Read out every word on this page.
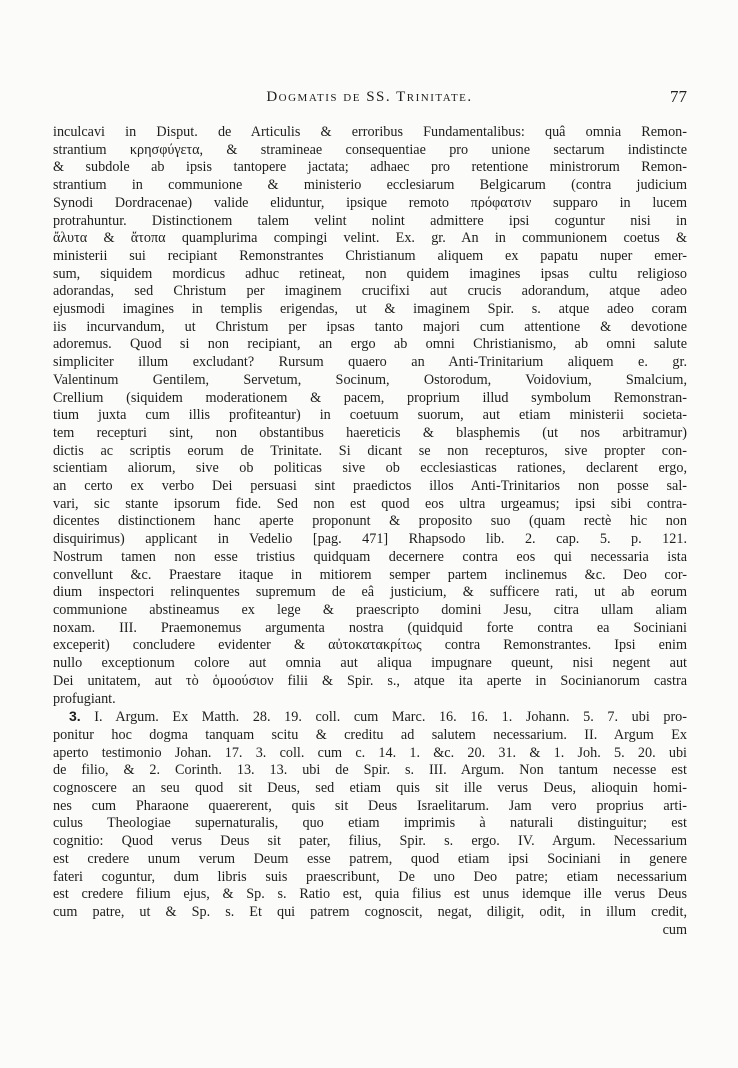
Dogmatis de SS. Trinitate.	77
inculcavi in Disput. de Articulis & erroribus Fundamentalibus: quâ omnia Remon-
strantium κρησφύγετα, & stramineae consequentiae pro unione sectarum indistincte
& subdole ab ipsis tantopere jactata; adhaec pro retentione ministrorum Remon-
strantium in communione & ministerio ecclesiarum Belgicarum (contra judicium
Synodi Dordracenae) valide eliduntur, ipsique remoto πρόφατσιν supparo in lucem
protrahuntur. Distinctionem talem velint nolint admittere ipsi coguntur nisi in
ἄλυτα & ἄτοπα quamplurima compingi velint. Ex. gr. An in communionem coetus &
ministerii sui recipiant Remonstrantes Christianum aliquem ex papatu nuper emer-
sum, siquidem mordicus adhuc retineat, non quidem imagines ipsas cultu religioso
adorandas, sed Christum per imaginem crucifixi aut crucis adorandum, atque adeo
ejusmodi imagines in templis erigendas, ut & imaginem Spir. s. atque adeo coram
iis incurvandum, ut Christum per ipsas tanto majori cum attentione & devotione
adoremus. Quod si non recipiant, an ergo ab omni Christianismo, ab omni salute
simpliciter illum excludant? Rursum quaero an Anti-Trinitarium aliquem e. gr.
Valentinum Gentilem, Servetum, Socinum, Ostorodum, Voidovium, Smalcium,
Crellium (siquidem moderationem & pacem, proprium illud symbolum Remonstran-
tium juxta cum illis profiteantur) in coetuum suorum, aut etiam ministerii societa-
tem recepturi sint, non obstantibus haereticis & blasphemis (ut nos arbitramur)
dictis ac scriptis eorum de Trinitate. Si dicant se non recepturos, sive propter con-
scientiam aliorum, sive ob politicas sive ob ecclesiasticas rationes, declarent ergo,
an certo ex verbo Dei persuasi sint praedictos illos Anti-Trinitarios non posse sal-
vari, sic stante ipsorum fide. Sed non est quod eos ultra urgeamus; ipsi sibi contra-
dicentes distinctionem hanc aperte proponunt & proposito suo (quam rectè hic non
disquirimus) applicant in Vedelio [pag. 471] Rhapsodo lib. 2. cap. 5. p. 121.
Nostrum tamen non esse tristius quidquam decernere contra eos qui necessaria ista
convellunt &c. Praestare itaque in mitiorem semper partem inclinemus &c. Deo cor-
dium inspectori relinquentes supremum de eâ justicium, & sufficere rati, ut ab eorum
communione abstineamus ex lege & praescripto domini Jesu, citra ullam aliam
noxam. III. Praemonemus argumenta nostra (quidquid forte contra ea Sociniani
exceperit) concludere evidenter & αὐτοκατακρίτως contra Remonstrantes. Ipsi enim
nullo exceptionum colore aut omnia aut aliqua impugnare queunt, nisi negent aut
Dei unitatem, aut τὸ ὁμοούσιον filii & Spir. s., atque ita aperte in Socinianorum castra
profugiant.
3. I. Argum. Ex Matth. 28. 19. coll. cum Marc. 16. 16. 1. Johann. 5. 7. ubi pro-
ponitur hoc dogma tanquam scitu & creditu ad salutem necessarium. II. Argum Ex
aperto testimonio Johan. 17. 3. coll. cum c. 14. 1. &c. 20. 31. & 1. Joh. 5. 20. ubi
de filio, & 2. Corinth. 13. 13. ubi de Spir. s. III. Argum. Non tantum necesse est
cognoscere an seu quod sit Deus, sed etiam quis sit ille verus Deus, alioquin homi-
nes cum Pharaone quaererent, quis sit Deus Israelitarum. Jam vero proprius arti-
culus Theologiae supernaturalis, quo etiam imprimis à naturali distinguitur; est
cognitio: Quod verus Deus sit pater, filius, Spir. s. ergo. IV. Argum. Necessarium
est credere unum verum Deum esse patrem, quod etiam ipsi Sociniani in genere
fateri coguntur, dum libris suis praescribunt, De uno Deo patre; etiam necessarium
est credere filium ejus, & Sp. s. Ratio est, quia filius est unus idemque ille verus Deus
cum patre, ut & Sp. s. Et qui patrem cognoscit, negat, diligit, odit, in illum credit,
cum
